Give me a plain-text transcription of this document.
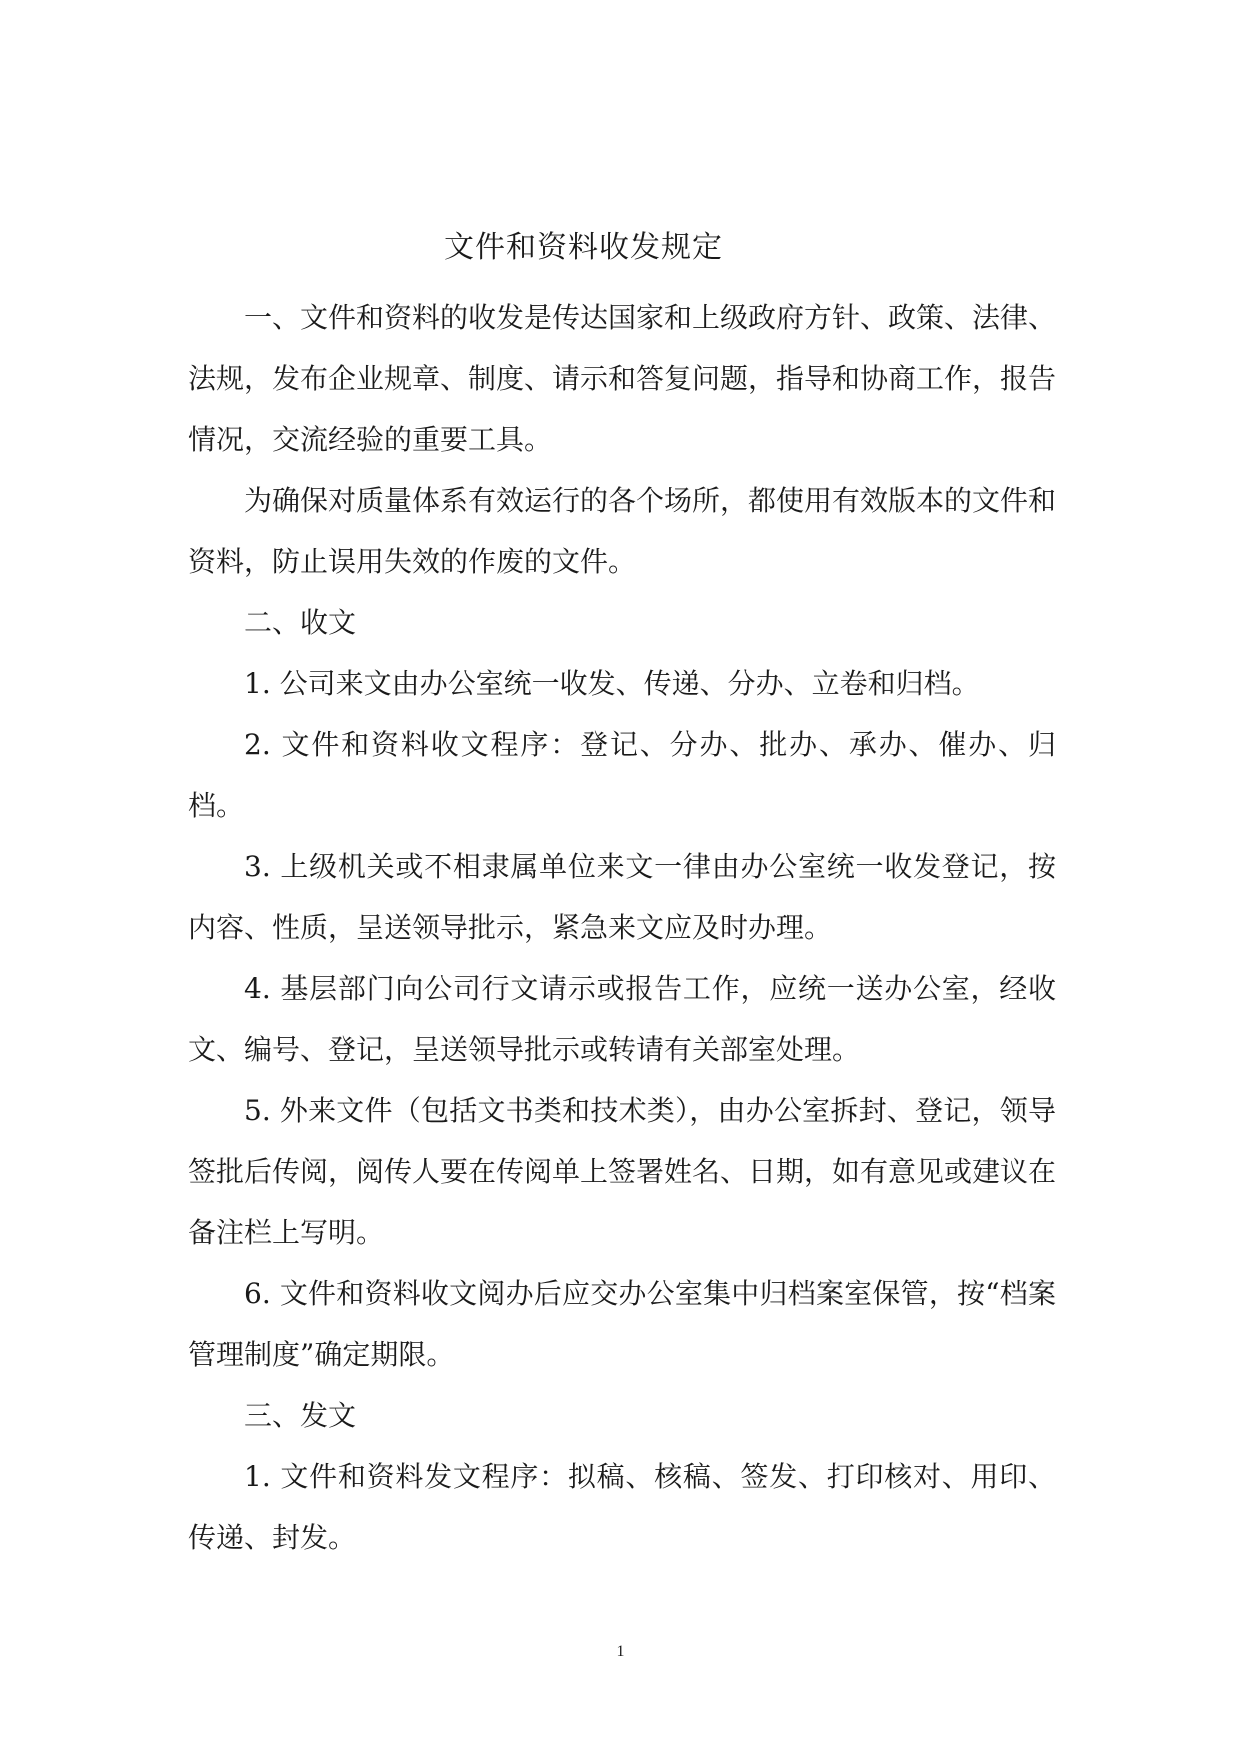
文件和资料收发规定

一、文件和资料的收发是传达国家和上级政府方针、政策、法律、法规，发布企业规章、制度、请示和答复问题，指导和协商工作，报告情况，交流经验的重要工具。

为确保对质量体系有效运行的各个场所，都使用有效版本的文件和资料，防止误用失效的作废的文件。

二、收文

1. 公司来文由办公室统一收发、传递、分办、立卷和归档。

2. 文件和资料收文程序：登记、分办、批办、承办、催办、归档。

3. 上级机关或不相隶属单位来文一律由办公室统一收发登记，按内容、性质，呈送领导批示，紧急来文应及时办理。

4. 基层部门向公司行文请示或报告工作，应统一送办公室，经收文、编号、登记，呈送领导批示或转请有关部室处理。

5. 外来文件（包括文书类和技术类），由办公室拆封、登记，领导签批后传阅，阅传人要在传阅单上签署姓名、日期，如有意见或建议在备注栏上写明。

6. 文件和资料收文阅办后应交办公室集中归档案室保管，按“档案管理制度”确定期限。

三、发文

1. 文件和资料发文程序：拟稿、核稿、签发、打印核对、用印、传递、封发。

1
